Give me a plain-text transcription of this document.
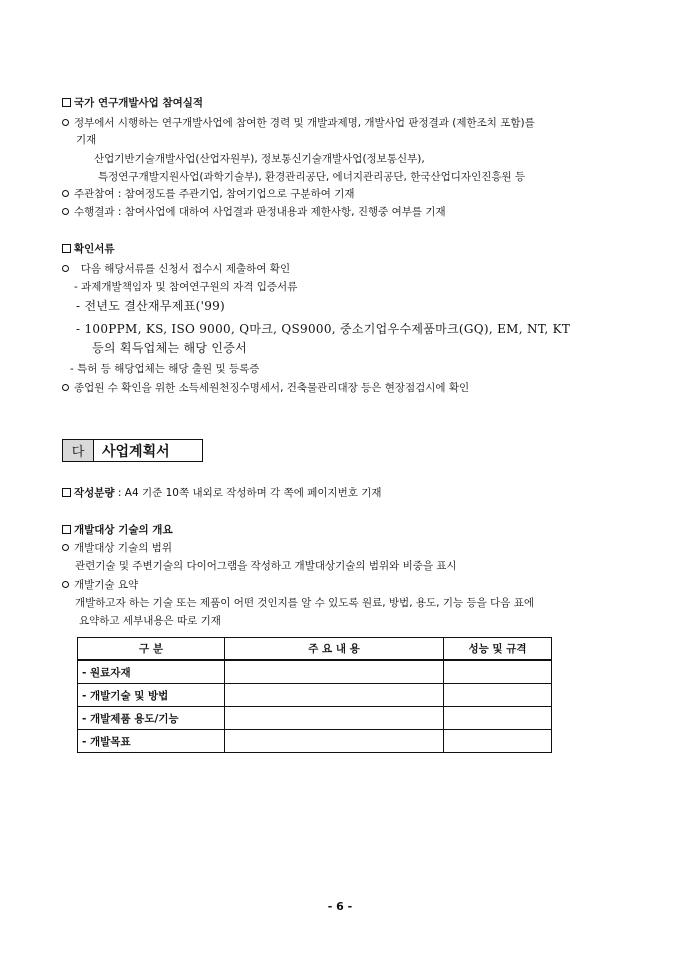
국가 연구개발사업 참여실적
정부에서 시행하는 연구개발사업에 참여한 경력 및 개발과제명, 개발사업 판정결과 (제한조치 포함)를
기재
산업기반기술개발사업(산업자원부), 정보통신기술개발사업(정보통신부),
특정연구개발지원사업(과학기술부), 환경관리공단, 에너지관리공단, 한국산업디자인진흥원 등
주관참여 : 참여정도를 주관기업, 참여기업으로 구분하여 기재
수행결과 : 참여사업에 대하여 사업결과 판정내용과 제한사항, 진행중 여부를 기재
확인서류
다음 해당서류를 신청서 접수시 제출하여 확인
- 과제개발책임자 및 참여연구원의 자격 입증서류
- 전년도 결산재무제표('99)
- 100PPM, KS, ISO 9000, Q마크, QS9000, 중소기업우수제품마크(GQ), EM, NT, KT
등의 획득업체는 해당 인증서
- 특허 등 해당업체는 해당 출원 및 등록증
종업원 수 확인을 위한 소득세원천징수명세서, 건축물관리대장 등은 현장점검시에 확인
다	사업계획서
작성분량 : A4 기준 10쪽 내외로 작성하며 각 쪽에 페이지번호 기재
개발대상 기술의 개요
개발대상 기술의 범위
관련기술 및 주변기술의 다이어그램을 작성하고 개발대상기술의 범위와 비중을 표시
개발기술 요약
개발하고자 하는 기술 또는 제품이 어떤 것인지를 알 수 있도록 원료, 방법, 용도, 기능 등을 다음 표에
요약하고 세부내용은 따로 기재
구 분	주 요 내 용	성능 및 규격
- 원료자재		
- 개발기술 및 방법		
- 개발제품 용도/기능		
- 개발목표		
- 6 -
